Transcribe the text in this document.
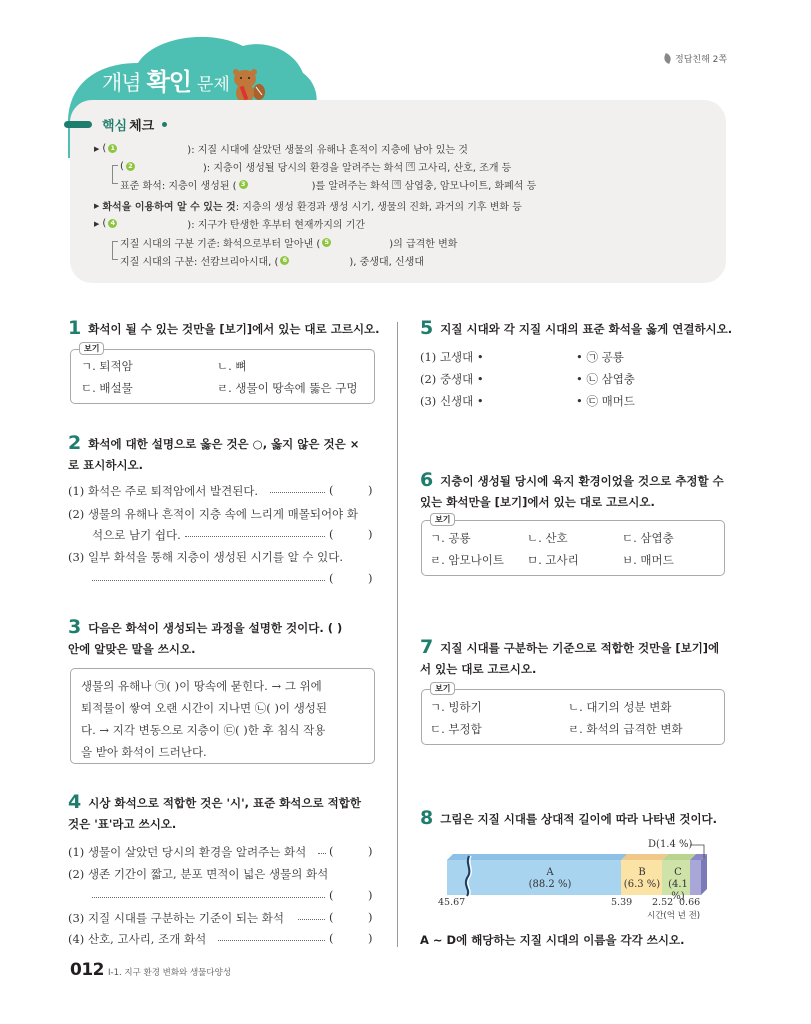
개념 확인 문제
정답친해 2쪽
핵심 체크
▶ ( 1	): 지질 시대에 살았던 생물의 유해나 흔적이 지층에 남아 있는 것
( 2	): 지층이 생성될 당시의 환경을 알려주는 화석 예 고사리, 산호, 조개 등
표준 화석: 지층이 생성된 ( 3	)를 알려주는 화석 예 삼엽충, 암모나이트, 화폐석 등
▶ 화석을 이용하여 알 수 있는 것 : 지층의 생성 환경과 생성 시기, 생물의 진화, 과거의 기후 변화 등
▶ ( 4	): 지구가 탄생한 후부터 현재까지의 기간
지질 시대의 구분 기준: 화석으로부터 알아낸 ( 5	)의 급격한 변화
지질 시대의 구분: 선캄브리아시대, ( 6	), 중생대, 신생대
1 화석이 될 수 있는 것만을 [보기]에서 있는 대로 고르시오.
보기
ㄱ. 퇴적암	ㄴ. 뼈
ㄷ. 배설물	ㄹ. 생물이 땅속에 뚫은 구멍
2 화석에 대한 설명으로 옳은 것은 ○, 옳지 않은 것은 ×
로 표시하시오.
(1) 화석은 주로 퇴적암에서 발견된다.	(	)
(2) 생물의 유해나 흔적이 지층 속에 느리게 매몰되어야 화
석으로 남기 쉽다.	(	)
(3) 일부 화석을 통해 지층이 생성된 시기를 알 수 있다.
(	)
3 다음은 화석이 생성되는 과정을 설명한 것이다. ( )
안에 알맞은 말을 쓰시오.
생물의 유해나 ㉠( )이 땅속에 묻힌다. → 그 위에
퇴적물이 쌓여 오랜 시간이 지나면 ㉡( )이 생성된
다. → 지각 변동으로 지층이 ㉢( )한 후 침식 작용
을 받아 화석이 드러난다.
4 시상 화석으로 적합한 것은 '시', 표준 화석으로 적합한
것은 '표'라고 쓰시오.
(1) 생물이 살았던 당시의 환경을 알려주는 화석 (	)
(2) 생존 기간이 짧고, 분포 면적이 넓은 생물의 화석
(	)
(3) 지질 시대를 구분하는 기준이 되는 화석	(	)
(4) 산호, 고사리, 조개 화석	(	)
5 지질 시대와 각 지질 시대의 표준 화석을 옳게 연결하시오.
(1) 고생대 •
(2) 중생대 •
(3) 신생대 •
• ㉠ 공룡
• ㉡ 삼엽충
• ㉢ 매머드
6 지층이 생성될 당시에 육지 환경이었을 것으로 추정할 수
있는 화석만을 [보기]에서 있는 대로 고르시오.
보기
ㄱ. 공룡	ㄴ. 산호	ㄷ. 삼엽충
ㄹ. 암모나이트 ㅁ. 고사리	ㅂ. 매머드
7 지질 시대를 구분하는 기준으로 적합한 것만을 [보기]에
서 있는 대로 고르시오.
보기
ㄱ. 빙하기	ㄴ. 대기의 성분 변화
ㄷ. 부정합	ㄹ. 화석의 급격한 변화
8 그림은 지질 시대를 상대적 길이에 따라 나타낸 것이다.
A
(88.2 %)
B
(6.3 %)
C
(4.1 %)
D(1.4 %)
45.67	5.39 2.52 0.66
시간(억 년 전)
A ~ D에 해당하는 지질 시대의 이름을 각각 쓰시오.
012 Ⅰ-1. 지구 환경 변화와 생물다양성
